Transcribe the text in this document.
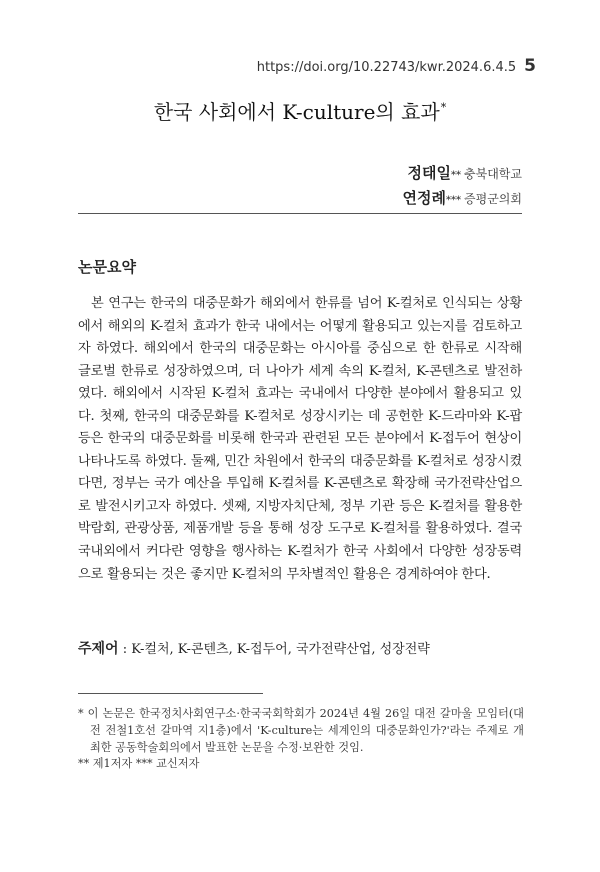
https://doi.org/10.22743/kwr.2024.6.4.5 5
한국 사회에서 K-culture의 효과*
정태일** 충북대학교
연정례*** 증평군의회
논문요약

본 연구는 한국의 대중문화가 해외에서 한류를 넘어 K-컬처로 인식되는 상황에서 해외의 K-컬처 효과가 한국 내에서는 어떻게 활용되고 있는지를 검토하고자 하였다. 해외에서 한국의 대중문화는 아시아를 중심으로 한 한류로 시작해 글로벌 한류로 성장하였으며, 더 나아가 세계 속의 K-컬처, K-콘텐츠로 발전하였다. 해외에서 시작된 K-컬처 효과는 국내에서 다양한 분야에서 활용되고 있다. 첫째, 한국의 대중문화를 K-컬처로 성장시키는 데 공헌한 K-드라마와 K-팝 등은 한국의 대중문화를 비롯해 한국과 관련된 모든 분야에서 K-접두어 현상이 나타나도록 하였다. 둘째, 민간 차원에서 한국의 대중문화를 K-컬처로 성장시켰다면, 정부는 국가 예산을 투입해 K-컬처를 K-콘텐츠로 확장해 국가전략산업으로 발전시키고자 하였다. 셋째, 지방자치단체, 정부 기관 등은 K-컬처를 활용한 박람회, 관광상품, 제품개발 등을 통해 성장 도구로 K-컬처를 활용하였다. 결국 국내외에서 커다란 영향을 행사하는 K-컬처가 한국 사회에서 다양한 성장동력으로 활용되는 것은 좋지만 K-컬처의 무차별적인 활용은 경계하여야 한다.

주제어 : K-컬처, K-콘텐츠, K-접두어, 국가전략산업, 성장전략
* 이 논문은 한국정치사회연구소·한국국회학회가 2024년 4월 26일 대전 갈마울 모임터(대전 전철1호선 갈마역 지1층)에서 'K-culture는 세계인의 대중문화인가?'라는 주제로 개최한 공동학술회의에서 발표한 논문을 수정·보완한 것임.
** 제1저자 *** 교신저자
